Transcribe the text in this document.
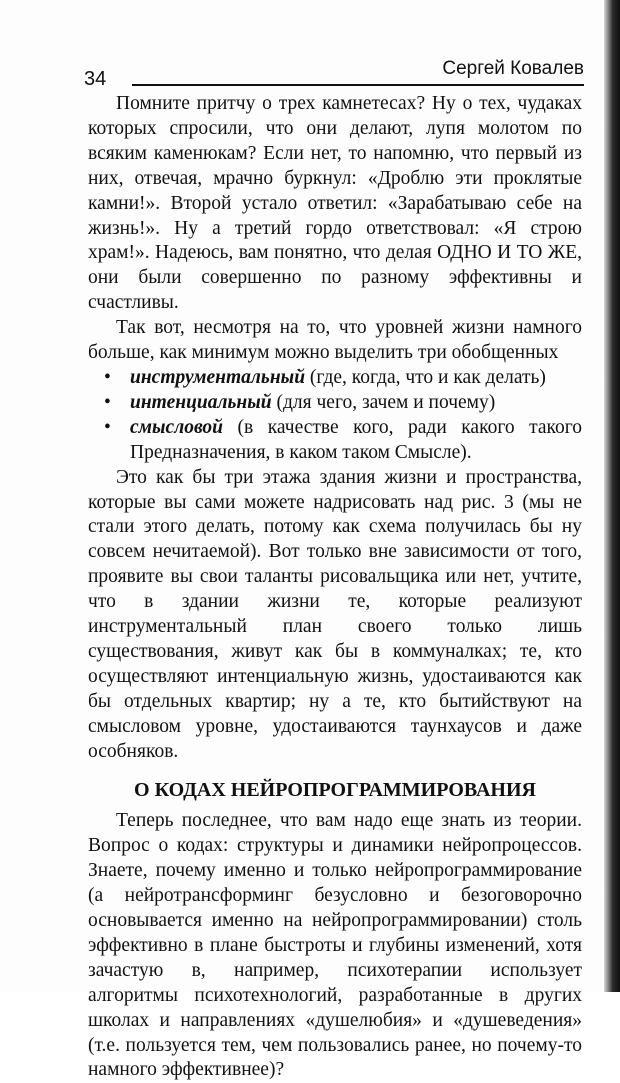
34	Сергей Ковалев

Помните притчу о трех камнетесах? Ну о тех, чудаках которых спросили, что они делают, лупя молотом по всяким каменюкам? Если нет, то напомню, что первый из них, отвечая, мрачно буркнул: «Дроблю эти проклятые камни!». Второй устало ответил: «Зарабатываю себе на жизнь!». Ну а третий гордо ответствовал: «Я строю храм!». Надеюсь, вам понятно, что делая ОДНО И ТО ЖЕ, они были совершенно по разному эффективны и счастливы.

Так вот, несмотря на то, что уровней жизни намного больше, как минимум можно выделить три обобщенных

• инструментальный (где, когда, что и как делать)
• интенциальный (для чего, зачем и почему)
• смысловой (в качестве кого, ради какого такого Предназначения, в каком таком Смысле).

Это как бы три этажа здания жизни и пространства, которые вы сами можете надрисовать над рис. 3 (мы не стали этого делать, потому как схема получилась бы ну совсем нечитаемой). Вот только вне зависимости от того, проявите вы свои таланты рисовальщика или нет, учтите, что в здании жизни те, которые реализуют инструментальный план своего только лишь существования, живут как бы в коммуналках; те, кто осуществляют интенциальную жизнь, удостаиваются как бы отдельных квартир; ну а те, кто бытийствуют на смысловом уровне, удостаиваются таунхаусов и даже особняков.

О КОДАХ НЕЙРОПРОГРАММИРОВАНИЯ

Теперь последнее, что вам надо еще знать из теории. Вопрос о кодах: структуры и динамики нейропроцессов. Знаете, почему именно и только нейропрограммирование (а нейротрансформинг безусловно и безоговорочно основывается именно на нейропрограммировании) столь эффективно в плане быстроты и глубины изменений, хотя зачастую в, например, психотерапии использует алгоритмы психотехнологий, разработанные в других школах и направлениях «душелюбия» и «душеведения» (т.е. пользуется тем, чем пользовались ранее, но почему-то намного эффективнее)?
